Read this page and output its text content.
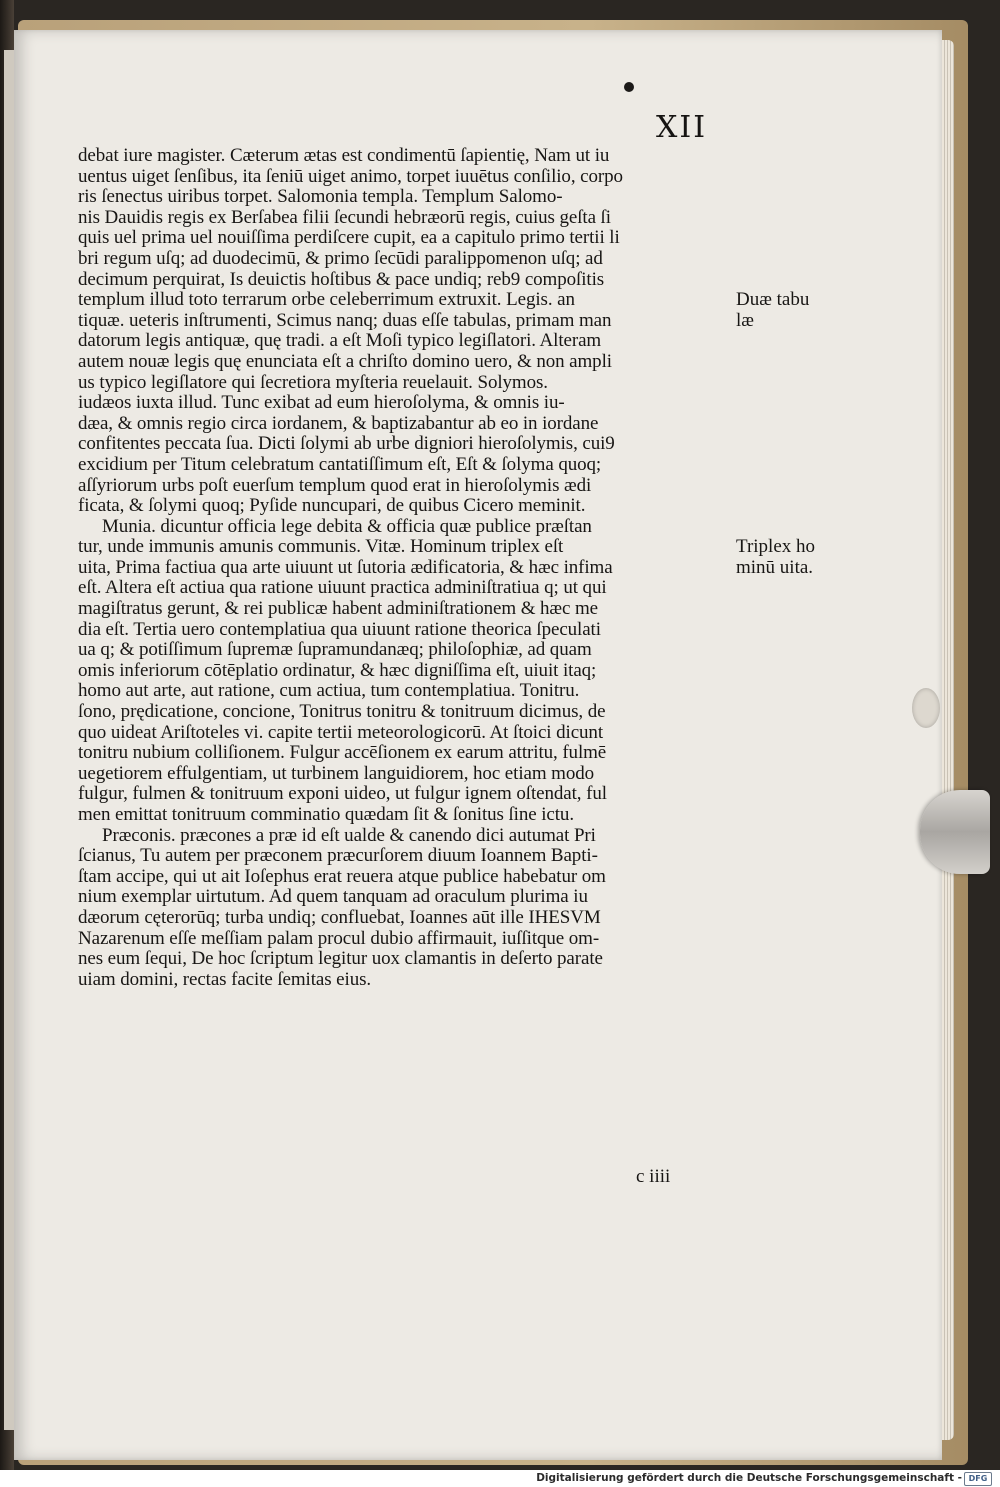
XII
debat iure magister. Cæterum ætas est condimentū ſapientię, Nam ut iu
uentus uiget ſenſibus, ita ſeniū uiget animo, torpet iuuētus conſilio, corpo
ris ſenectus uiribus torpet. Salomonia templa. Templum Salomo-
nis Dauidis regis ex Berſabea filii ſecundi hebræorū regis, cuius geſta ſi
quis uel prima uel nouiſſima perdiſcere cupit, ea a capitulo primo tertii li
bri regum uſq; ad duodecimū, & primo ſecūdi paralippomenon uſq; ad
decimum perquirat, Is deuictis hoſtibus & pace undiq; reb9 compoſitis
templum illud toto terrarum orbe celeberrimum extruxit. Legis. an
tiquæ. ueteris inſtrumenti, Scimus nanq; duas eſſe tabulas, primam man
datorum legis antiquæ, quę tradi. a eſt Moſi typico legiſlatori. Alteram
autem nouæ legis quę enunciata eſt a chriſto domino uero, & non ampli
us typico legiſlatore qui ſecretiora myſteria reuelauit. Solymos.
iudæos iuxta illud. Tunc exibat ad eum hieroſolyma, & omnis iu-
dæa, & omnis regio circa iordanem, & baptizabantur ab eo in iordane
confitentes peccata ſua. Dicti ſolymi ab urbe digniori hieroſolymis, cui9
excidium per Titum celebratum cantatiſſimum eſt, Eſt & ſolyma quoq;
aſſyriorum urbs poſt euerſum templum quod erat in hieroſolymis ædi
ficata, & ſolymi quoq; Pyſide nuncupari, de quibus Cicero meminit.
Munia. dicuntur officia lege debita & officia quæ publice præſtan
tur, unde immunis amunis communis. Vitæ. Hominum triplex eſt
uita, Prima factiua qua arte uiuunt ut ſutoria ædificatoria, & hæc infima
eſt. Altera eſt actiua qua ratione uiuunt practica adminiſtratiua q; ut qui
magiſtratus gerunt, & rei publicæ habent adminiſtrationem & hæc me
dia eſt. Tertia uero contemplatiua qua uiuunt ratione theorica ſpeculati
ua q; & potiſſimum ſupremæ ſupramundanæq; philoſophiæ, ad quam
omis inferiorum cōtēplatio ordinatur, & hæc digniſſima eſt, uiuit itaq;
homo aut arte, aut ratione, cum actiua, tum contemplatiua. Tonitru.
ſono, prędicatione, concione, Tonitrus tonitru & tonitruum dicimus, de
quo uideat Ariſtoteles vi. capite tertii meteorologicorū. At ſtoici dicunt
tonitru nubium colliſionem. Fulgur accēſionem ex earum attritu, fulmē
uegetiorem effulgentiam, ut turbinem languidiorem, hoc etiam modo
fulgur, fulmen & tonitruum exponi uideo, ut fulgur ignem oſtendat, ful
men emittat tonitruum comminatio quædam ſit & ſonitus ſine ictu.
Præconis. præcones a præ id eſt ualde & canendo dici autumat Pri
ſcianus, Tu autem per præconem præcurſorem diuum Ioannem Bapti-
ſtam accipe, qui ut ait Ioſephus erat reuera atque publice habebatur om
nium exemplar uirtutum. Ad quem tanquam ad oraculum plurima iu
dæorum cęterorūq; turba undiq; confluebat, Ioannes aūt ille IHESVM
Nazarenum eſſe meſſiam palam procul dubio affirmauit, iuſſitque om-
nes eum ſequi, De hoc ſcriptum legitur uox clamantis in deſerto parate
uiam domini, rectas facite ſemitas eius.
Duæ tabu
læ
Triplex ho
minū uita.
c iiii
Digitalisierung gefördert durch die Deutsche Forschungsgemeinschaft - DFG
